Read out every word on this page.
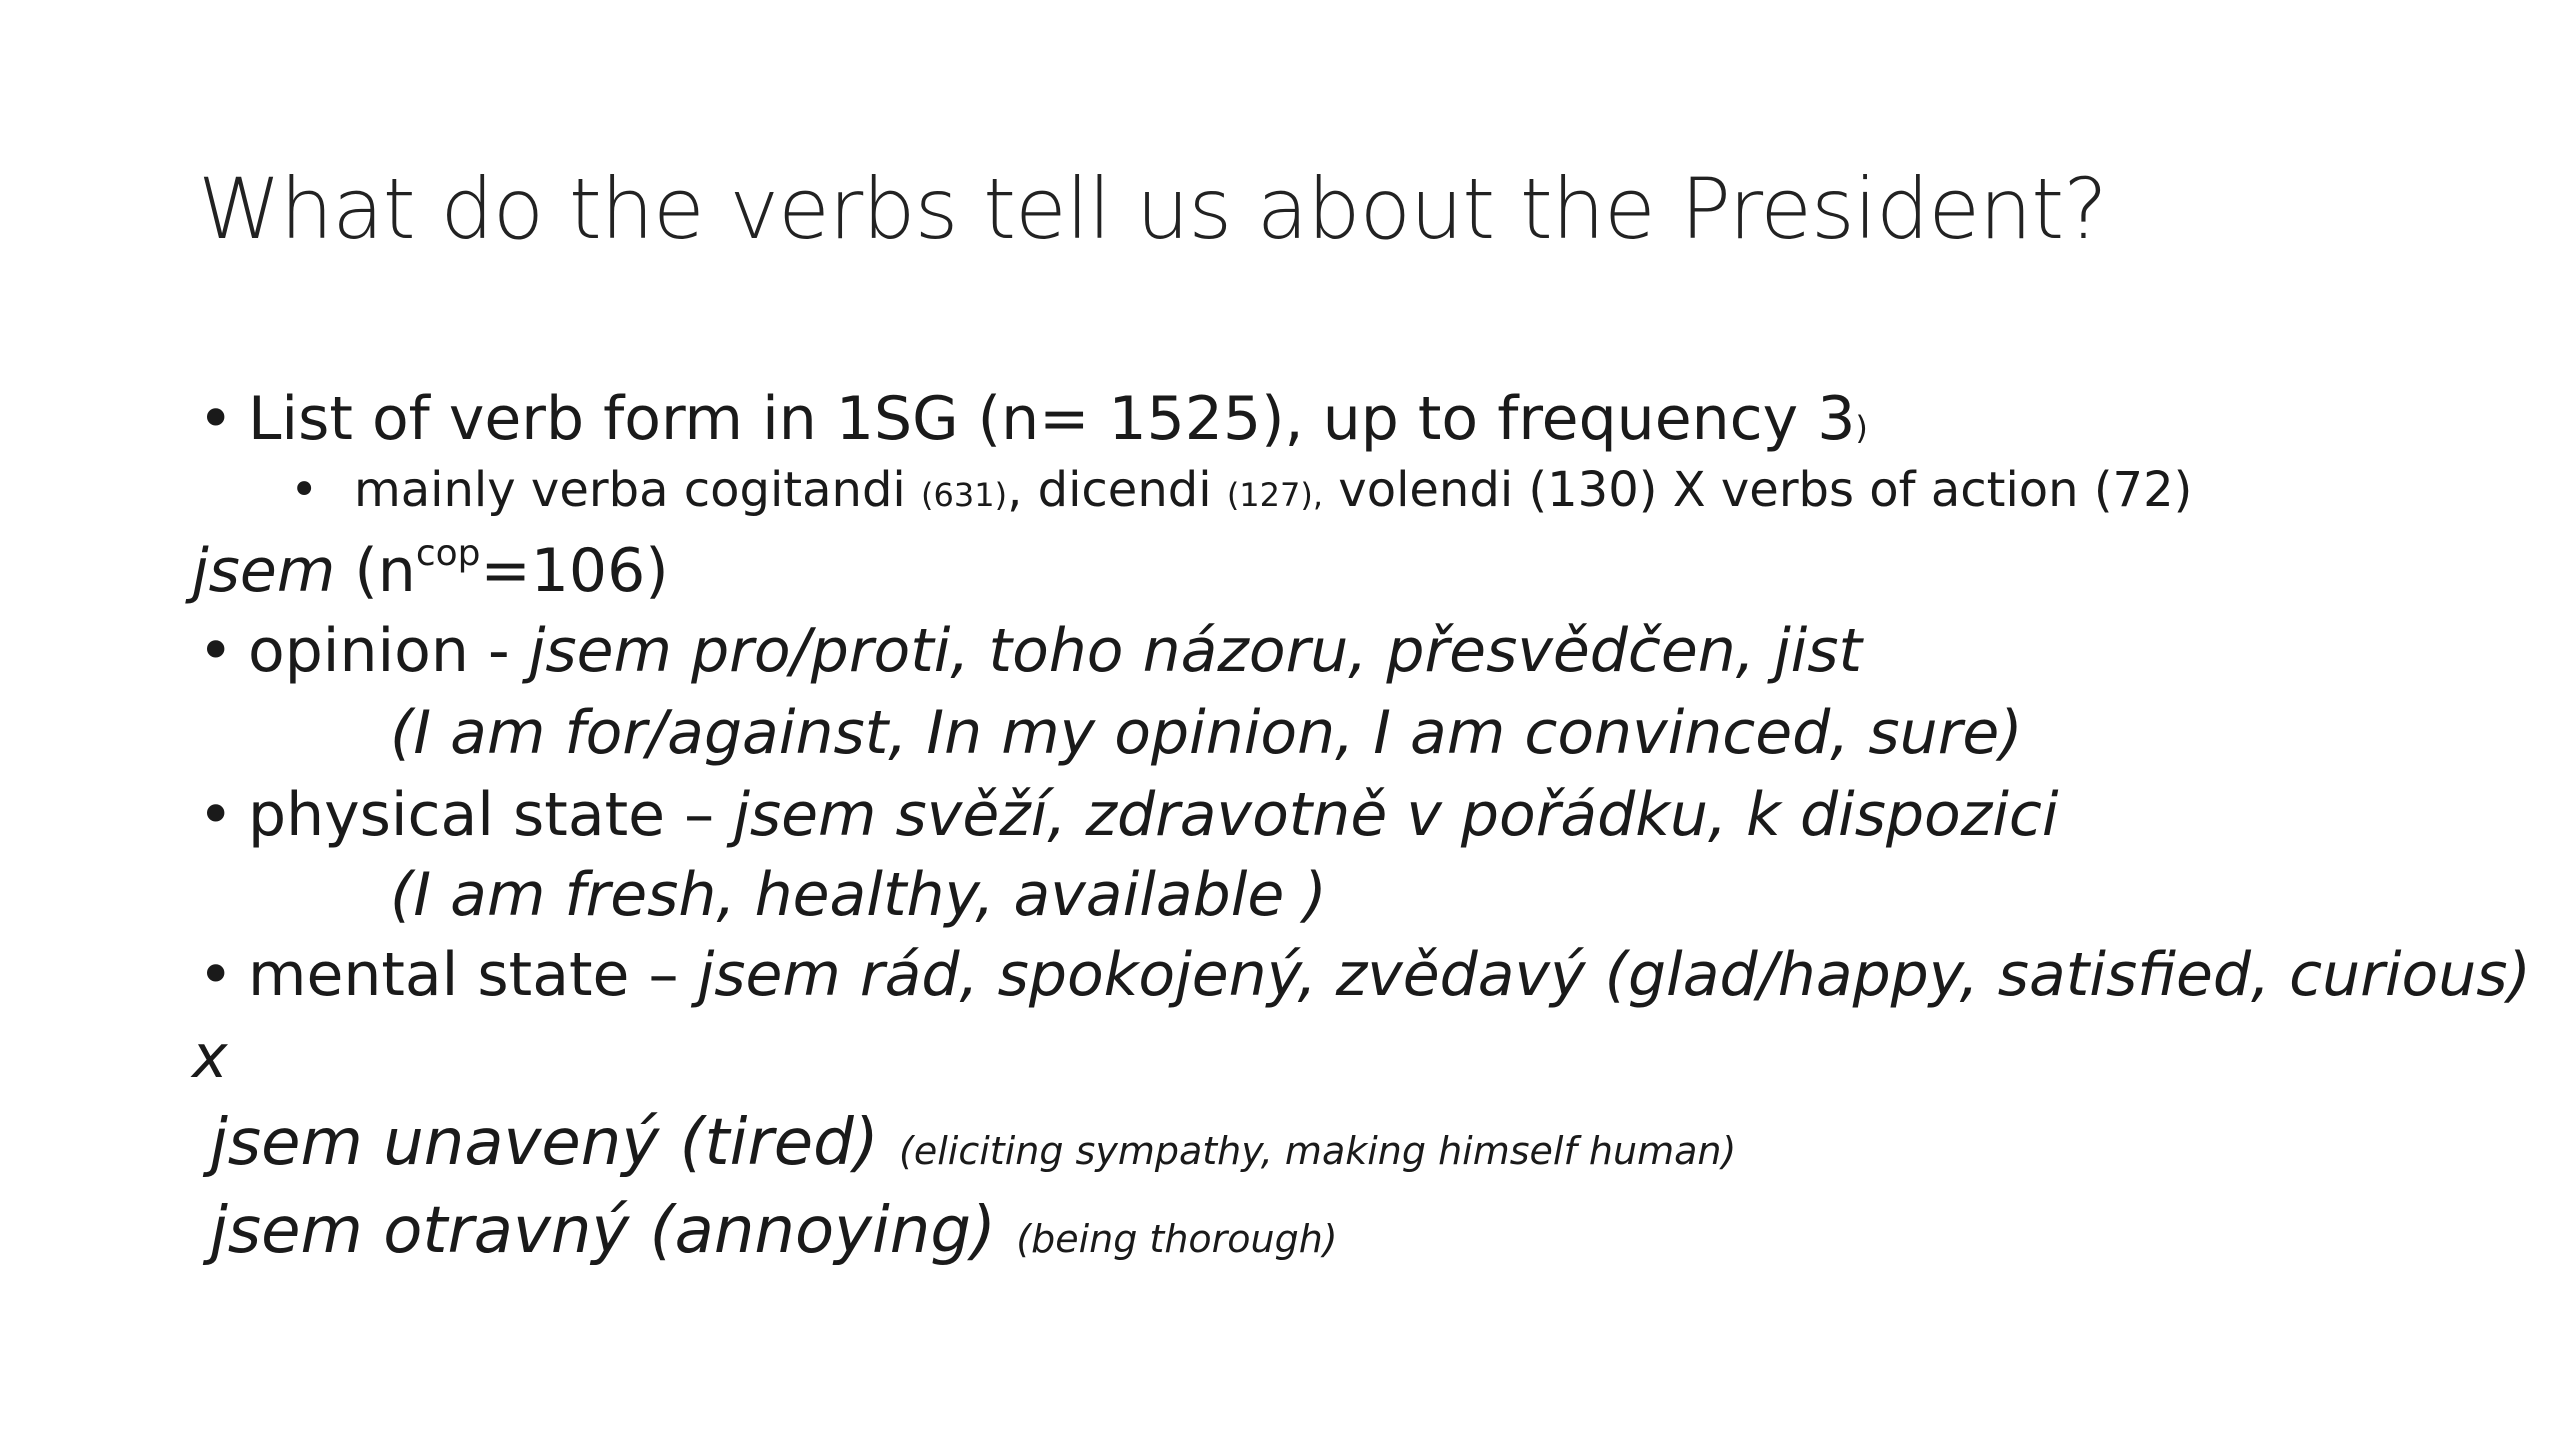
What do the verbs tell us about the President?
• List of verb form in 1SG (n= 1525), up to frequency 3)
• mainly verba cogitandi (631), dicendi (127), volendi (130) X verbs of action (72)
jsem $(n^{cop}=106)$
• opinion - jsem pro/proti, toho názoru, přesvědčen, jist
(I am for/against, In my opinion, I am convinced, sure)
• physical state – jsem svěží, zdravotně v pořádku, k dispozici
(I am fresh, healthy, available )
• mental state – jsem rád, spokojený, zvědavý (glad/happy, satisfied, curious)
x
jsem unavený (tired) (eliciting sympathy, making himself human)
jsem otravný (annoying) (being thorough)
